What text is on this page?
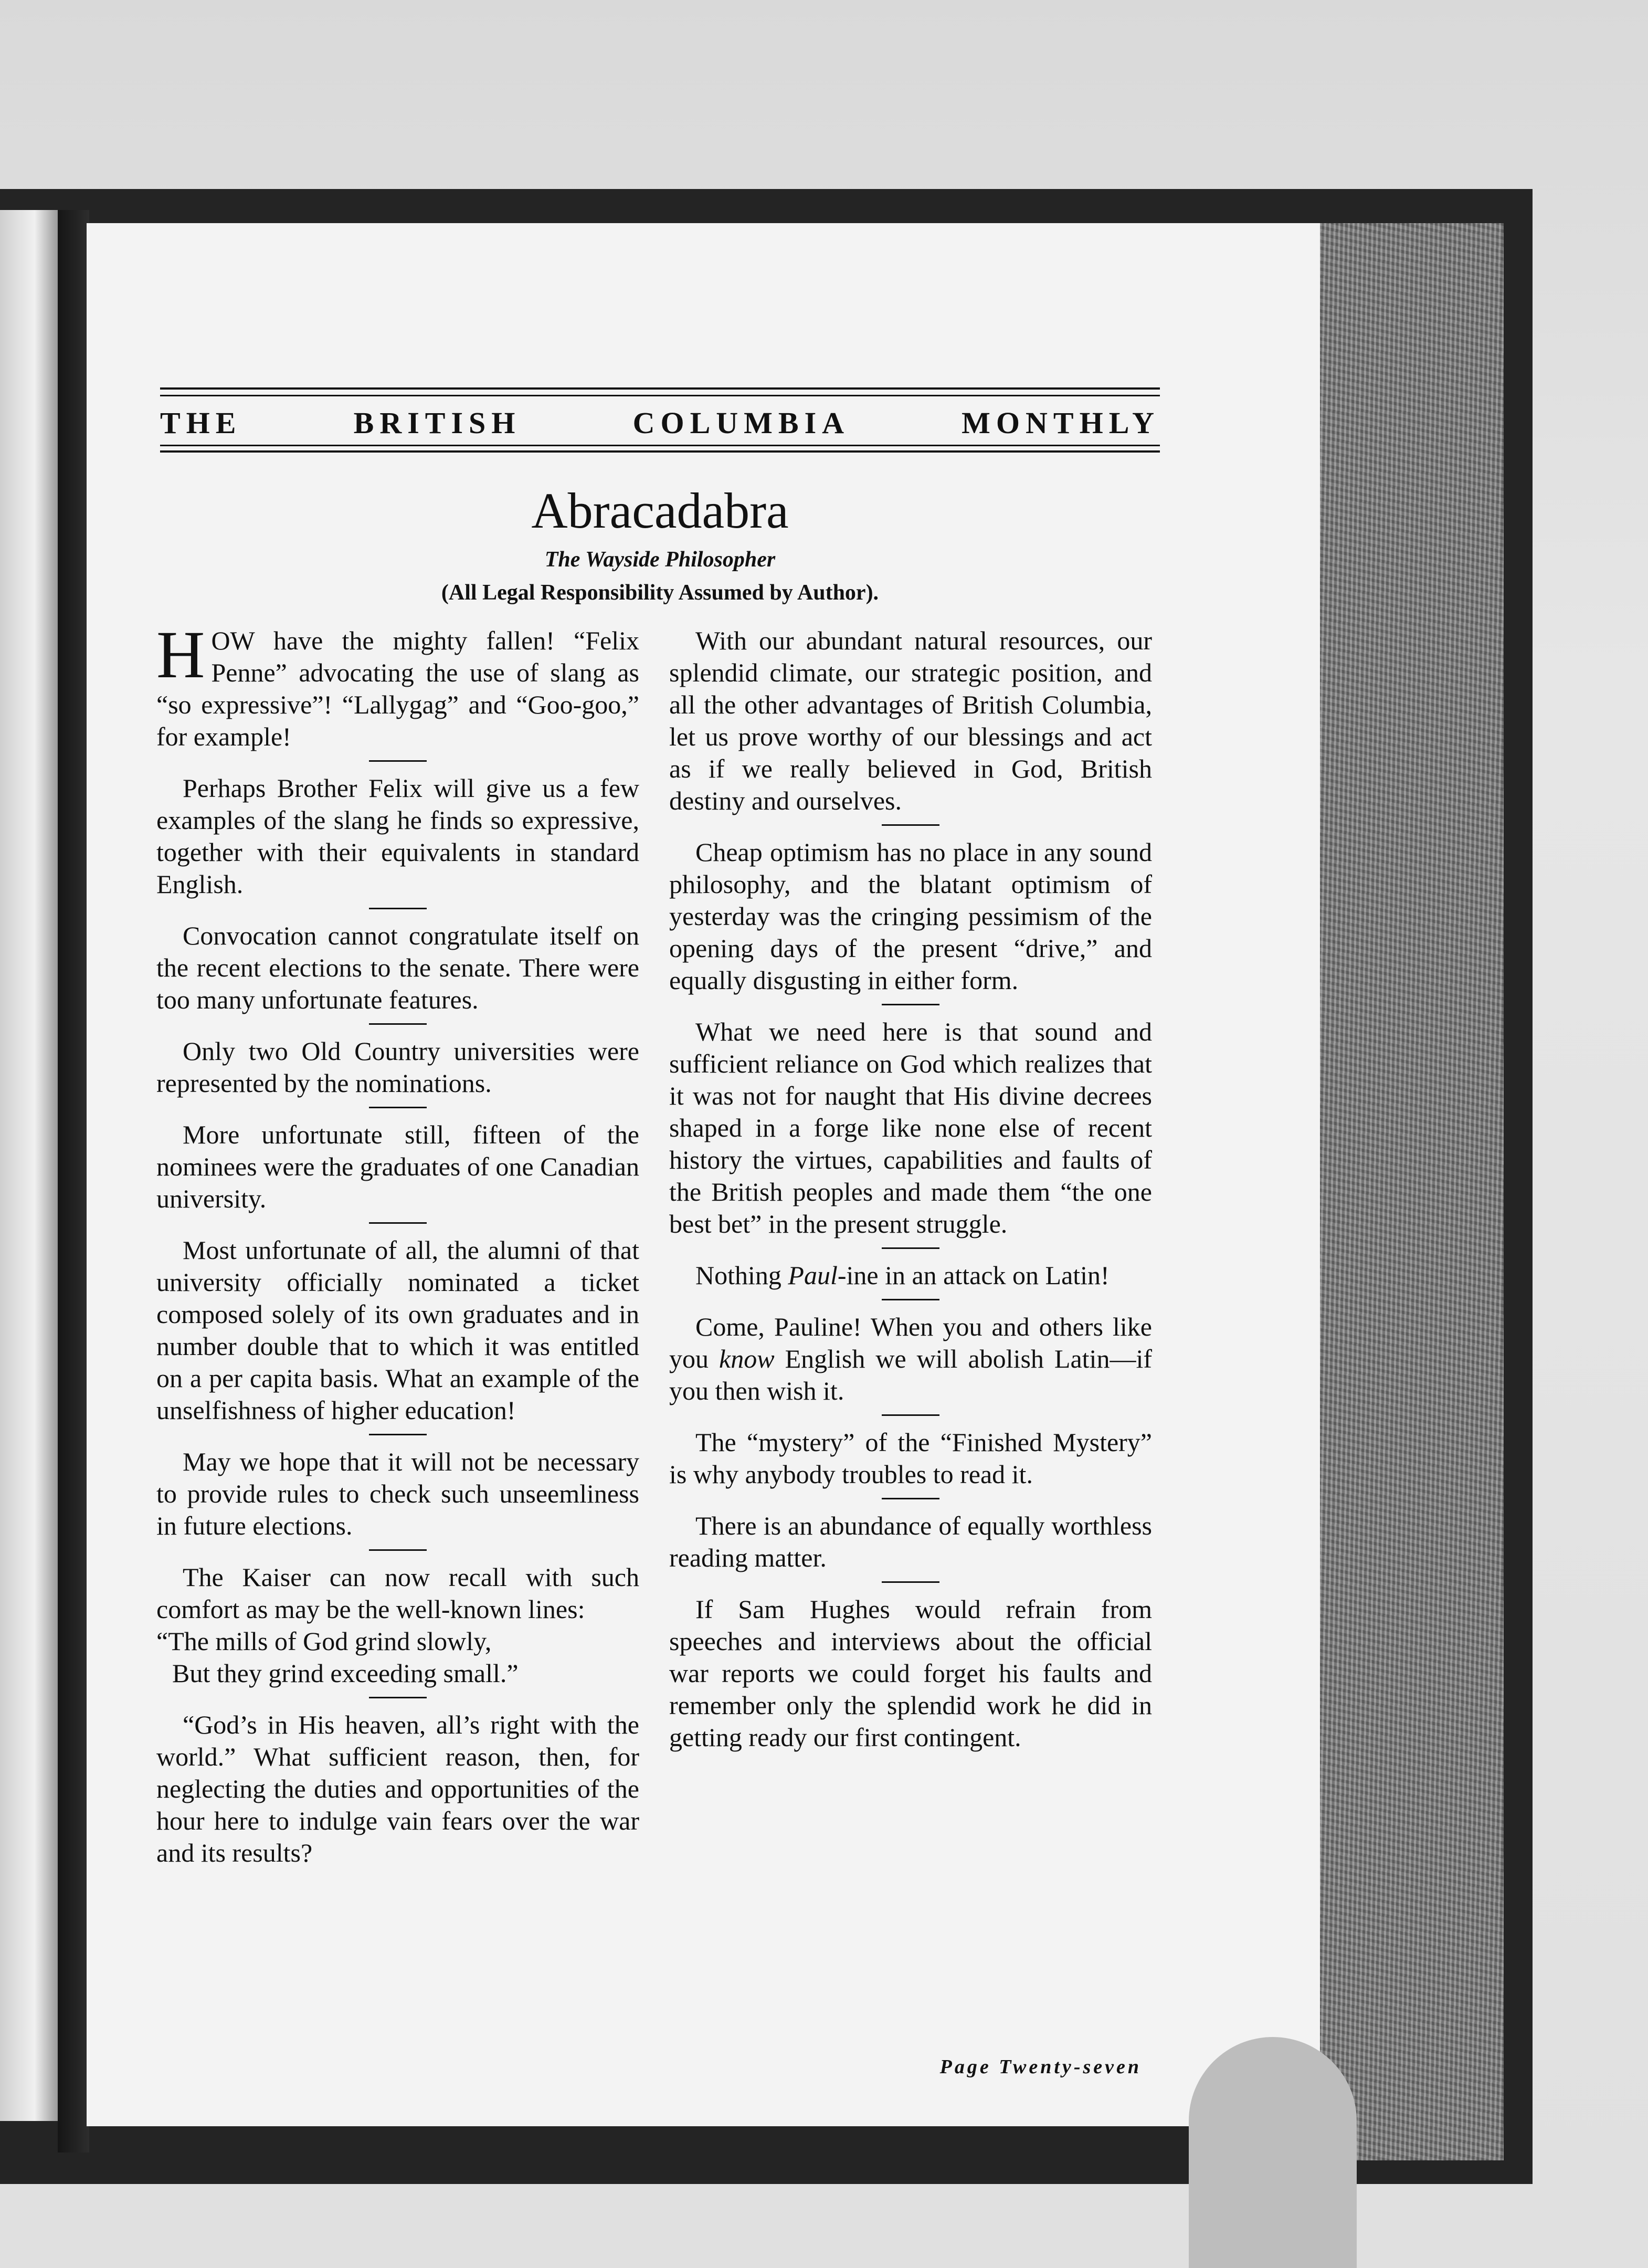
THE	BRITISH	COLUMBIA	MONTHLY

Abracadabra

The Wayside Philosopher

(All Legal Responsibility Assumed by Author).

HOW have the mighty fallen! “Felix Penne” advocating the use of slang as “so expressive”! “Lallygag” and “Goo-goo,” for example!

Perhaps Brother Felix will give us a few examples of the slang he finds so expressive, together with their equivalents in standard English.

Convocation cannot congratulate itself on the recent elections to the senate. There were too many unfortunate features.

Only two Old Country universities were represented by the nominations.

More unfortunate still, fifteen of the nominees were the graduates of one Canadian university.

Most unfortunate of all, the alumni of that university officially nominated a ticket composed solely of its own graduates and in number double that to which it was entitled on a per capita basis. What an example of the unselfishness of higher education!

May we hope that it will not be necessary to provide rules to check such unseemliness in future elections.

The Kaiser can now recall with such comfort as may be the well-known lines:

“The mills of God grind slowly,

But they grind exceeding small.”

“God’s in His heaven, all’s right with the world.” What sufficient reason, then, for neglecting the duties and opportunities of the hour here to indulge vain fears over the war and its results?

With our abundant natural resources, our splendid climate, our strategic position, and all the other advantages of British Columbia, let us prove worthy of our blessings and act as if we really believed in God, British destiny and ourselves.

Cheap optimism has no place in any sound philosophy, and the blatant optimism of yesterday was the cringing pessimism of the opening days of the present “drive,” and equally disgusting in either form.

What we need here is that sound and sufficient reliance on God which realizes that it was not for naught that His divine decrees shaped in a forge like none else of recent history the virtues, capabilities and faults of the British peoples and made them “the one best bet” in the present struggle.

Nothing Paul-ine in an attack on Latin!

Come, Pauline! When you and others like you know English we will abolish Latin—if you then wish it.

The “mystery” of the “Finished Mystery” is why anybody troubles to read it.

There is an abundance of equally worthless reading matter.

If Sam Hughes would refrain from speeches and interviews about the official war reports we could forget his faults and remember only the splendid work he did in getting ready our first contingent.

Page Twenty-seven
